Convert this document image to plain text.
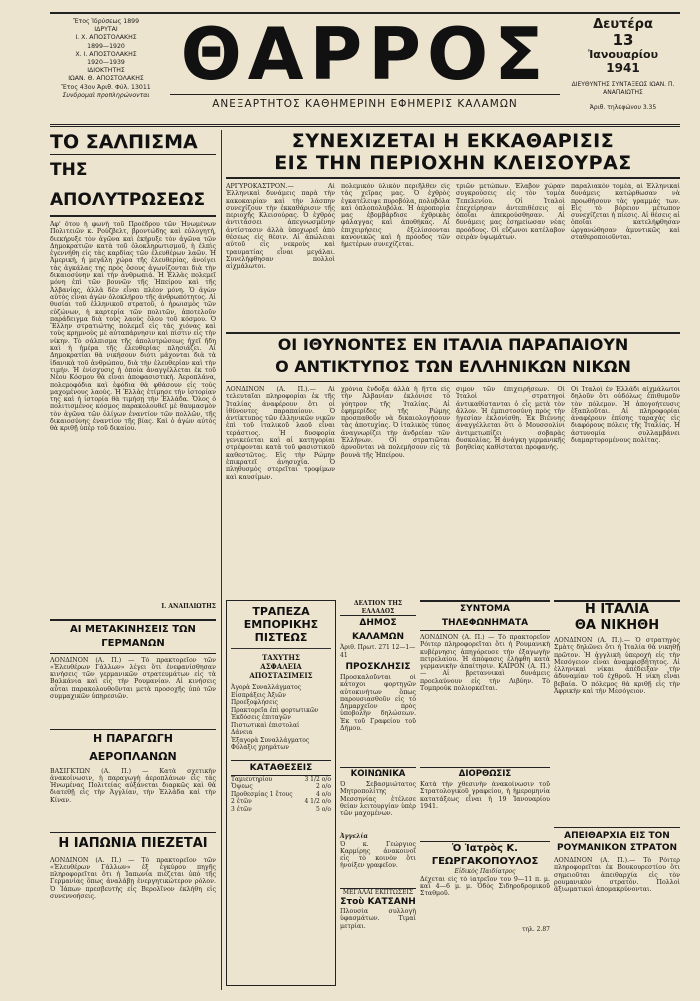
Ἔτος Ἱδρύσεως 1899
ΙΔΡΥΤΑΙ
Ι. Χ. ΑΠΟΣΤΟΛΑΚΗΣ
1899—1920
Χ. Ι. ΑΠΟΣΤΟΛΑΚΗΣ
1920—1939
ΙΔΙΟΚΤΗΤΗΣ
ΙΩΑΝ. Θ. ΑΠΟΣΤΟΛΑΚΗΣ
Ἔτος 43ον Ἀριθ. Φύλ. 13011
Συνδρομαὶ προπληρώνονται ΘΑΡΡΟΣ
ΑΝΕΞΑΡΤΗΤΟΣ ΚΑΘΗΜΕΡΙΝΗ ΕΦΗΜΕΡΙΣ ΚΑΛΑΜΩΝ
Δευτέρα
13
Ἰανουαρίου
1941
ΔΙΕΥΘΥΝΤΗΣ ΣΥΝΤΑΞΕΩΣ ΙΩΑΝ. Π. ΑΝΑΠΑΙΩΤΗΣ
Ἀριθ. τηλεφώνου 3.35
ΤΟ ΣΑΛΠΙΣΜΑ
ΤΗΣ ΑΠΟΛΥΤΡΩΣΕΩΣ

Ἀφ' ὅτου ἡ φωνὴ τοῦ Προέδρου τῶν Ἡνωμένων Πολιτειῶν κ. Ρούζβελτ, βροντώδης καὶ εὐλογητή, διεκήρυξε τὸν ἀγῶνα καὶ ἐκήρυξε τὸν ἀγῶνα τῶν Δημοκρατιῶν κατὰ τοῦ ὁλοκληρωτισμοῦ, ἡ ἐλπὶς ἐγεννήθη εἰς τὰς καρδίας τῶν ἐλευθέρων λαῶν. Ἡ Ἀμερική, ἡ μεγάλη χώρα τῆς ἐλευθερίας, ἀνοίγει τὰς ἀγκάλας της πρὸς ὅσους ἀγωνίζονται διὰ τὴν δικαιοσύνην καὶ τὴν ἀνθρωπιά. Ἡ Ἑλλὰς πολεμεῖ μόνη ἐπὶ τῶν βουνῶν τῆς Ἠπείρου καὶ τῆς Ἀλβανίας, ἀλλὰ δὲν εἶναι πλέον μόνη. Ὁ ἀγὼν αὐτὸς εἶναι ἀγὼν ὁλοκλήρου τῆς ἀνθρωπότητος. Αἱ θυσίαι τοῦ ἑλληνικοῦ στρατοῦ, ὁ ἡρωισμὸς τῶν εὐζώνων, ἡ καρτερία τῶν πολιτῶν, ἀποτελοῦν παράδειγμα διὰ τοὺς λαοὺς ὅλου τοῦ κόσμου. Ὁ Ἕλλην στρατιώτης πολεμεῖ εἰς τὰς χιόνας καὶ τοὺς κρημνοὺς μὲ αὐταπάρνησιν καὶ πίστιν εἰς τὴν νίκην. Τὸ σάλπισμα τῆς ἀπολυτρώσεως ἠχεῖ ἤδη καὶ ἡ ἡμέρα τῆς ἐλευθερίας πλησιάζει. Αἱ Δημοκρατίαι θὰ νικήσουν διότι μάχονται διὰ τὰ ἰδανικὰ τοῦ ἀνθρώπου, διὰ τὴν ἐλευθερίαν καὶ τὴν τιμήν. Ἡ ἐνίσχυσις ἡ ὁποία ἀναγγέλλεται ἐκ τοῦ Νέου Κόσμου θὰ εἶναι ἀποφασιστική. Ἀεροπλάνα, πολεμοφόδια καὶ ἐφόδια θὰ φθάσουν εἰς τοὺς μαχομένους λαούς. Ἡ Ἑλλὰς ἐτίμησε τὴν ἱστορίαν της καὶ ἡ ἱστορία θὰ τιμήσῃ τὴν Ἑλλάδα. Ὅλος ὁ πολιτισμένος κόσμος παρακολουθεῖ μὲ θαυμασμὸν τὸν ἀγῶνα τῶν ὀλίγων ἐναντίον τῶν πολλῶν, τῆς δικαιοσύνης ἐναντίον τῆς βίας. Καὶ ὁ ἀγὼν αὐτὸς θὰ κριθῇ ὑπὲρ τοῦ δικαίου.

Ι. ΑΝΑΠΛΙΩΤΗΣ
ΑΙ ΜΕΤΑΚΙΝΗΣΕΙΣ ΤΩΝ ΓΕΡΜΑΝΩΝ

ΛΟΝΔΙΝΟΝ (Α. Π.) — Τὸ πρακτορεῖον τῶν «Ἐλευθέρων Γάλλων» λέγει ὅτι ἐνεφανίσθησαν κινήσεις τῶν γερμανικῶν στρατευμάτων εἰς τὰ Βαλκάνια καὶ εἰς τὴν Ρουμανίαν. Αἱ κινήσεις αὗται παρακολουθοῦνται μετὰ προσοχῆς ὑπὸ τῶν συμμαχικῶν ὑπηρεσιῶν.

Η ΠΑΡΑΓΩΓΗ ΑΕΡΟΠΛΑΝΩΝ

ΒΑΣΙΓΚΤΩΝ (Α. Π.) — Κατὰ σχετικὴν ἀνακοίνωσιν, ἡ παραγωγὴ ἀεροπλάνων εἰς τὰς Ἡνωμένας Πολιτείας αὐξάνεται διαρκῶς καὶ θὰ διατεθῇ εἰς τὴν Ἀγγλίαν, τὴν Ἑλλάδα καὶ τὴν Κίναν.

Η ΙΑΠΩΝΙΑ ΠΙΕΖΕΤΑΙ

ΛΟΝΔΙΝΟΝ (Α. Π.) — Τὸ πρακτορεῖον τῶν «Ἐλευθέρων Γάλλων» ἐξ ἐγκύρου πηγῆς πληροφορεῖται ὅτι ἡ Ἰαπωνία πιέζεται ὑπὸ τῆς Γερμανίας ὅπως ἀναλάβῃ ἐνεργητικώτερον ρόλον. Ὁ Ἰάπων πρεσβευτὴς εἰς Βερολῖνον ἐκλήθη εἰς συνεννοήσεις.

ΣΥΝΕΧΙΖΕΤΑΙ Η ΕΚΚΑΘΑΡΙΣΙΣ
ΕΙΣ ΤΗΝ ΠΕΡΙΟΧΗΝ ΚΛΕΙΣΟΥΡΑΣ

ΑΡΓΥΡΟΚΑΣΤΡΟΝ.— Αἱ Ἑλληνικαὶ δυνάμεις παρὰ τὴν κακοκαιρίαν καὶ τὴν λάσπην συνεχίζουν τὴν ἐκκαθάρισιν τῆς περιοχῆς Κλεισούρας. Ὁ ἐχθρὸς ἀντιτάσσει ἀπεγνωσμένην ἀντίστασιν ἀλλὰ ὑποχωρεῖ ἀπὸ θέσεως εἰς θέσιν. Αἱ ἀπώλειαι αὐτοῦ εἰς νεκροὺς καὶ τραυματίας εἶναι μεγάλαι. Συνελήφθησαν πολλοὶ αἰχμάλωτοι.

πολεμικὸν ὑλικὸν περιῆλθεν εἰς τὰς χεῖρας μας. Ὁ ἐχθρὸς ἐγκατέλειψε πυροβόλα, πολυβόλα καὶ ὁπλοπολυβόλα. Ἡ ἀεροπορία μας ἐβομβάρδισε ἐχθρικὰς φάλαγγας καὶ ἀποθήκας. Αἱ ἐπιχειρήσεις ἐξελίσσονται κανονικῶς καὶ ἡ πρόοδος τῶν ἡμετέρων συνεχίζεται.

τριῶν μετώπων. Ἐλαβον χώραν συγκρούσεις εἰς τὸν τομέα Τεπελενίου. Οἱ Ἰταλοὶ ἐπεχείρησαν ἀντεπιθέσεις αἱ ὁποῖαι ἀπεκρούσθησαν. Αἱ δυνάμεις μας ἐσημείωσαν νέας προόδους. Οἱ εὔζωνοι κατέλαβον σειρὰν ὑψωμάτων.

παραλιακὸν τομέα, αἱ Ἑλληνικαὶ δυνάμεις κατώρθωσαν νὰ προωθήσουν τὰς γραμμάς των. Εἰς τὸ βόρειον μέτωπον συνεχίζεται ἡ πίεσις. Αἱ θέσεις αἱ ὁποῖαι κατελήφθησαν ὠργανώθησαν ἀμυντικῶς καὶ σταθεροποιοῦνται.

ΟΙ ΙΘΥΝΟΝΤΕΣ ΕΝ ΙΤΑΛΙΑ ΠΑΡΑΠΑΙΟΥΝ
Ο ΑΝΤΙΚΤΥΠΟΣ ΤΩΝ ΕΛΛΗΝΙΚΩΝ ΝΙΚΩΝ

ΛΟΝΔΙΝΟΝ (Α. Π.).— Αἱ τελευταῖαι πληροφορίαι ἐκ τῆς Ἰταλίας ἀναφέρουν ὅτι οἱ ἰθύνοντες παραπαίουν. Ὁ ἀντίκτυπος τῶν ἑλληνικῶν νικῶν ἐπὶ τοῦ ἰταλικοῦ λαοῦ εἶναι τεράστιος. Ἡ δυσφορία γενικεύεται καὶ αἱ κατηγορίαι στρέφονται κατὰ τοῦ φασιστικοῦ καθεστῶτος. Εἰς τὴν Ρώμην ἐπικρατεῖ ἀνησυχία. Ὁ πληθυσμὸς στερεῖται τροφίμων καὶ καυσίμων.

χρόνια ἔνδοξα ἀλλὰ ἡ ἥττα εἰς τὴν Ἀλβανίαν ἐκλόνισε τὸ γόητρον τῆς Ἰταλίας. Αἱ ἐφημερίδες τῆς Ρώμης προσπαθοῦν νὰ δικαιολογήσουν τὰς ἀποτυχίας. Ὁ ἰταλικὸς τύπος ἀναγνωρίζει τὴν ἀνδρείαν τῶν Ἑλλήνων. Οἱ στρατιῶται ἀρνοῦνται νὰ πολεμήσουν εἰς τὰ βουνὰ τῆς Ἠπείρου.

σιμον τῶν ἐπιχειρήσεων. Οἱ Ἰταλοὶ στρατηγοὶ ἀντικαθίστανται ὁ εἷς μετὰ τὸν ἄλλον. Ἡ ἐμπιστοσύνη πρὸς τὴν ἡγεσίαν ἐκλονίσθη. Ἐκ Βιέννης ἀναγγέλλεται ὅτι ὁ Μουσσολίνι ἀντιμετωπίζει σοβαρὰς δυσκολίας. Ἡ ἀνάγκη γερμανικῆς βοηθείας καθίσταται προφανής.

Οἱ Ἰταλοὶ ἐν Ἑλλάδι αἰχμάλωτοι δηλοῦν ὅτι οὐδόλως ἐπιθυμοῦν τὸν πόλεμον. Ἡ ἀπογοήτευσις ἐξαπλοῦται. Αἱ πληροφορίαι ἀναφέρουν ἐπίσης ταραχὰς εἰς διαφόρους πόλεις τῆς Ἰταλίας. Ἡ ἀστυνομία συλλαμβάνει διαμαρτυρομένους πολίτας.

ΤΡΑΠΕΖΑ ΕΜΠΟΡΙΚΗΣ ΠΙΣΤΕΩΣ
ΤΑΧΥΤΗΣ
ΑΣΦΑΛΕΙΑ
ΑΠΟΣΤΑΣΙΜΕΙΣ
Ἀγορὰ Συναλλάγματος
Εἰσπράξεις Ἀξιῶν
Προεξοφλήσεις
Πρακτορεῖα ἐπὶ φορτωτικῶν
Ἐκδόσεις ἐπιταγῶν
Πιστωτικαὶ ἐπιστολαί
Δάνεια
Ἐξαγορὰ Συναλλάγματος
Φύλαξις χρημάτων
ΚΑΤΑΘΕΣΕΙΣ
Ταμιευτηρίου	3 1/2 ο/ο
Ὄψεως	2 ο/ο
Προθεσμίας 1 ἔτους	4 ο/ο
2 ἐτῶν	4 1/2 ο/ο
3 ἐτῶν	5 ο/ο
ΔΕΛΤΙΟΝ ΤΗΣ ΕΛΛΑΔΟΣ
ΔΗΜΟΣ ΚΑΛΑΜΩΝ
Ἀριθ. Πρωτ. 271 12—1—41
ΠΡΟΣΚΛΗΣΙΣ

Προσκαλοῦνται οἱ κάτοχοι φορτηγῶν αὐτοκινήτων ὅπως παρουσιασθοῦν εἰς τὸ Δημαρχεῖον πρὸς ὑποβολὴν δηλώσεων. Ἐκ τοῦ Γραφείου τοῦ Δήμου.

ΚΟΙΝΩΝΙΚΑ

Ὁ Σεβασμιώτατος Μητροπολίτης Μεσσηνίας ἐτέλεσε θείαν λειτουργίαν ὑπὲρ τῶν μαχομένων.

Ἀγγελία

Ὁ κ. Γεώργιος Καρμίρης ἀνακοινοῖ εἰς τὸ κοινὸν ὅτι ἠνοίξεν γραφεῖον.

ΜΕΓΑΛΑΙ ΕΚΠΤΩΣΕΙΣ
Στοὺ ΚΑΤΣΑΝΗ

Πλουσία συλλογὴ ὑφασμάτων. Τιμαὶ μετρίαι.

ΣΥΝΤΟΜΑ ΤΗΛΕΦΩΝΗΜΑΤΑ

ΛΟΝΔΙΝΟΝ (Α. Π.) — Τὸ πρακτορεῖον Ρόιτερ πληροφορεῖται ὅτι ἡ Ρουμανικὴ κυβέρνησις ἀπηγόρευσε τὴν ἐξαγωγὴν πετρελαίου. Ἡ ἀπόφασις ἐλήφθη κατὰ γερμανικὴν ἀπαίτησιν. ΚΑΪΡΟΝ (Α. Π.) — Αἱ βρεταννικαὶ δυνάμεις προελαύνουν εἰς τὴν Λιβύην. Τὸ Τομπρούκ πολιορκεῖται.

ΔΙΟΡΘΩΣΙΣ

Κατὰ τὴν χθεσινὴν ἀνακοίνωσιν τοῦ Στρατολογικοῦ γραφείου, ἡ ἡμερομηνία κατατάξεως εἶναι ἡ 19 Ἰανουαρίου 1941.

Ὁ Ἰατρὸς Κ. ΓΕΩΡΓΑΚΟΠΟΥΛΟΣ
Εἰδικὸς Παιδίατρος

Δέχεται εἰς τὸ ἰατρεῖον του 9—11 π. μ. καὶ 4—6 μ. μ. Ὁδὸς Σιδηροδρομικοῦ Σταθμοῦ.

τηλ. 2.87
Η ΙΤΑΛΙΑ
ΘΑ ΝΙΚΗΘΗ

ΛΟΝΔΙΝΟΝ (Α. Π.).— Ὁ στρατηγὸς Σμὰτς δηλῶνει ὅτι ἡ Ἰταλία θὰ νικηθῇ πρῶτον. Ἡ ἀγγλικὴ ὑπεροχὴ εἰς τὴν Μεσόγειον εἶναι ἀναμφισβήτητος. Αἱ ἑλληνικαὶ νίκαι ἀπέδειξαν τὴν ἀδυναμίαν τοῦ ἐχθροῦ. Ἡ νίκη εἶναι βεβαία. Ὁ πόλεμος θὰ κριθῇ εἰς τὴν Ἀφρικὴν καὶ τὴν Μεσόγειον.

ΑΠΕΙΘΑΡΧΙΑ ΕΙΣ ΤΟΝ ΡΟΥΜΑΝΙΚΟΝ ΣΤΡΑΤΟΝ

ΛΟΝΔΙΝΟΝ (Α. Π.).— Τὸ Ρόιτερ πληροφορεῖται ἐκ Βουκουρεστίου ὅτι σημειοῦται ἀπειθαρχία εἰς τὸν ρουμανικὸν στρατόν. Πολλοὶ ἀξιωματικοὶ ἀπομακρύνονται.
